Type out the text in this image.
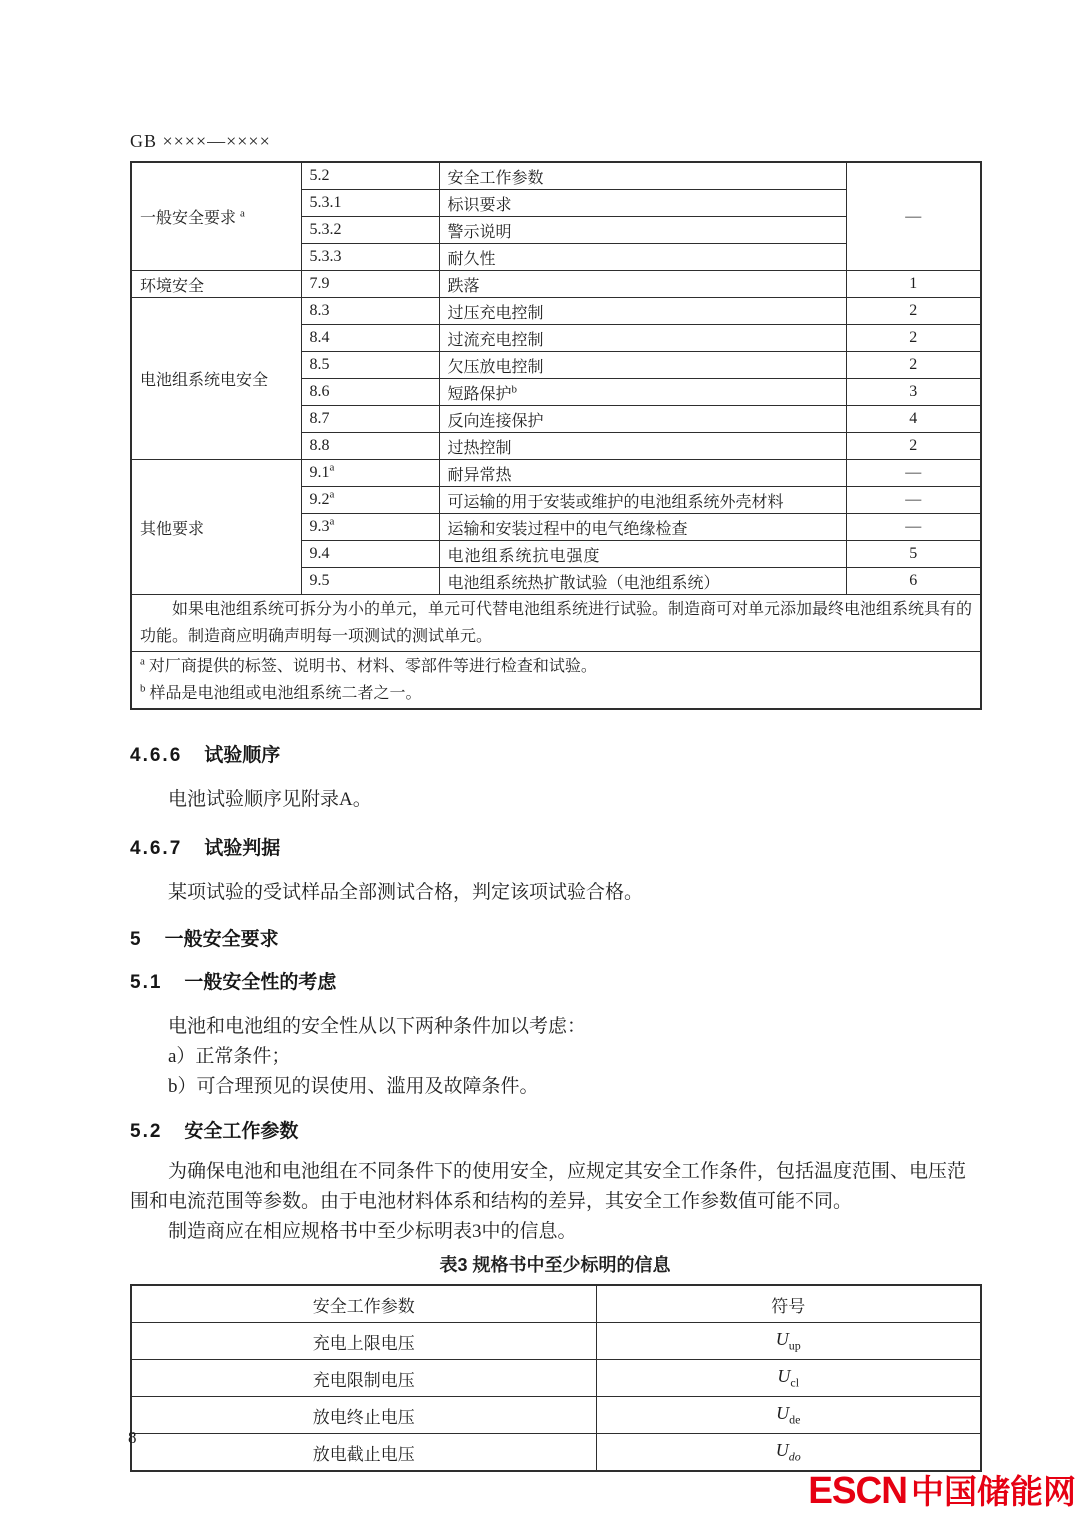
GB ××××—××××
一般安全要求 $^a$	5.2	安全工作参数	—
	5.3.1	标识要求	
	5.3.2	警示说明	
	5.3.3	耐久性	
环境安全	7.9	跌落	1
电池组系统电安全	8.3	过压充电控制	2
	8.4	过流充电控制	2
	8.5	欠压放电控制	2
	8.6	短路保护$^b$	3
	8.7	反向连接保护	4
	8.8	过热控制	2
其他要求	9.1$^a$	耐异常热	—
	9.2$^a$	可运输的用于安装或维护的电池组系统外壳材料	—
	9.3$^a$	运输和安装过程中的电气绝缘检查	—
	9.4	电池组系统抗电强度	5
	9.5	电池组系统热扩散试验（电池组系统）	6

如果电池组系统可拆分为小的单元，单元可代替电池组系统进行试验。制造商可对单元添加最终电池组系统具有的功能。制造商应明确声明每一项测试的测试单元。			

$^a$ 对厂商提供的标签、说明书、材料、零部件等进行检查和试验。
$^b$ 样品是电池组或电池组系统二者之一。			
4.6.6 试验顺序

电池试验顺序见附录A。

4.6.7 试验判据

某项试验的受试样品全部测试合格，判定该项试验合格。

5 一般安全要求
5.1 一般安全性的考虑

电池和电池组的安全性从以下两种条件加以考虑：

a）正常条件；
b）可合理预见的误使用、滥用及故障条件。
5.2 安全工作参数

为确保电池和电池组在不同条件下的使用安全，应规定其安全工作条件，包括温度范围、电压范围和电流范围等参数。由于电池材料体系和结构的差异，其安全工作参数值可能不同。

制造商应在相应规格书中至少标明表3中的信息。

表3 规格书中至少标明的信息
安全工作参数	符号
充电上限电压	$U_{up}$
充电限制电压	$U_{cl}$
放电终止电压	$U_{de}$
放电截止电压	$U_{do}$
8
ESCN 中国储能网
